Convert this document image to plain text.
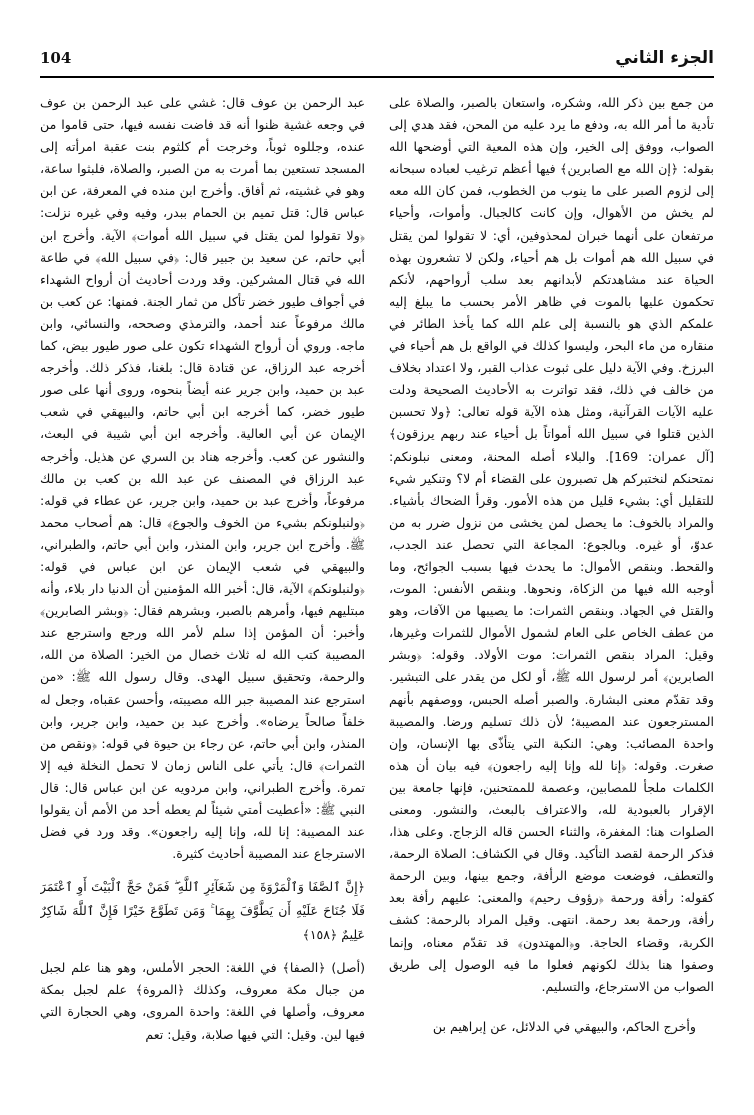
الجزء الثاني
104

من جمع بين ذكر الله، وشكره، واستعان بالصبر، والصلاة على تأدية ما أمر الله به، ودفع ما يرد عليه من المحن، فقد هدي إلى الصواب، ووفق إلى الخير، وإن هذه المعية التي أوضحها الله بقوله: ﴿إن الله مع الصابرين﴾ فيها أعظم ترغيب لعباده سبحانه إلى لزوم الصبر على ما ينوب من الخطوب، فمن كان الله معه لم يخش من الأهوال، وإن كانت كالجبال. وأموات، وأحياء مرتفعان على أنهما خبران لمحذوفين، أي: لا تقولوا لمن يقتل في سبيل الله هم أموات بل هم أحياء، ولكن لا تشعرون بهذه الحياة عند مشاهدتكم لأبدانهم بعد سلب أرواحهم، لأنكم تحكمون عليها بالموت في ظاهر الأمر بحسب ما يبلغ إليه علمكم الذي هو بالنسبة إلى علم الله كما يأخذ الطائر في منقاره من ماء البحر، وليسوا كذلك في الواقع بل هم أحياء في البرزخ. وفي الآية دليل على ثبوت عذاب القبر، ولا اعتداد بخلاف من خالف في ذلك، فقد تواترت به الأحاديث الصحيحة ودلت عليه الآيات القرآنية، ومثل هذه الآية قوله تعالى: ﴿ولا تحسبن الذين قتلوا في سبيل الله أمواتاً بل أحياء عند ربهم يرزقون﴾ [آل عمران: 169]. والبلاء أصله المحنة، ومعنى نبلونكم: نمتحنكم لنختبركم هل تصبرون على القضاء أم لا؟ وتنكير شيء للتقليل أي: بشيء قليل من هذه الأمور. وقرأ الضحاك بأشياء. والمراد بالخوف: ما يحصل لمن يخشى من نزول ضرر به من عدوّ، أو غيره. وبالجوع: المجاعة التي تحصل عند الجدب، والقحط. وبنقص الأموال: ما يحدث فيها بسبب الجوائح، وما أوجبه الله فيها من الزكاة، ونحوها. وبنقص الأنفس: الموت، والقتل في الجهاد. وبنقص الثمرات: ما يصيبها من الآفات، وهو من عطف الخاص على العام لشمول الأموال للثمرات وغيرها، وقيل: المراد بنقص الثمرات: موت الأولاد. وقوله: ﴿وبشر الصابرين﴾ أمر لرسول الله ﷺ، أو لكل من يقدر على التبشير. وقد تقدّم معنى البشارة. والصبر أصله الحبس، ووصفهم بأنهم المسترجعون عند المصيبة؛ لأن ذلك تسليم ورضا. والمصيبة واحدة المصائب: وهي: النكبة التي يتأذّى بها الإنسان، وإن صغرت. وقوله: ﴿إنا لله وإنا إليه راجعون﴾ فيه بيان أن هذه الكلمات ملجأ للمصابين، وعصمة للممتحنين، فإنها جامعة بين الإقرار بالعبودية لله، والاعتراف بالبعث، والنشور. ومعنى الصلوات هنا: المغفرة، والثناء الحسن قاله الزجاج. وعلى هذا، فذكر الرحمة لقصد التأكيد. وقال في الكشاف: الصلاة الرحمة، والتعطف، فوضعت موضع الرأفة، وجمع بينها، وبين الرحمة كقوله: رأفة ورحمة ﴿رؤوف رحيم﴾ والمعنى: عليهم رأفة بعد رأفة، ورحمة بعد رحمة. انتهى. وقيل المراد بالرحمة: كشف الكربة، وقضاء الحاجة. و﴿المهتدون﴾ قد تقدّم معناه، وإنما وصفوا هنا بذلك لكونهم فعلوا ما فيه الوصول إلى طريق الصواب من الاسترجاع، والتسليم.

وأخرج الحاكم، والبيهقي في الدلائل، عن إبراهيم بن

عبد الرحمن بن عوف قال: غشي على عبد الرحمن بن عوف في وجعه غشية ظنوا أنه قد فاضت نفسه فيها، حتى قاموا من عنده، وجللوه ثوباً، وخرجت أم كلثوم بنت عقبة امرأته إلى المسجد تستعين بما أمرت به من الصبر، والصلاة، فلبثوا ساعة، وهو في غشيته، ثم أفاق. وأخرج ابن منده في المعرفة، عن ابن عباس قال: قتل تميم بن الحمام ببدر، وفيه وفي غيره نزلت: ﴿ولا تقولوا لمن يقتل في سبيل الله أموات﴾ الآية. وأخرج ابن أبي حاتم، عن سعيد بن جبير قال: ﴿في سبيل الله﴾ في طاعة الله في قتال المشركين. وقد وردت أحاديث أن أرواح الشهداء في أجواف طيور خضر تأكل من ثمار الجنة. فمنها: عن كعب بن مالك مرفوعاً عند أحمد، والترمذي وصححه، والنسائي، وابن ماجه. وروي أن أرواح الشهداء تكون على صور طيور بيض، كما أخرجه عبد الرزاق، عن قتادة قال: بلغنا، فذكر ذلك. وأخرجه عبد بن حميد، وابن جرير عنه أيضاً بنحوه، وروى أنها على صور طيور خضر، كما أخرجه ابن أبي حاتم، والبيهقي في شعب الإيمان عن أبي العالية. وأخرجه ابن أبي شيبة في البعث، والنشور عن كعب. وأخرجه هناد بن السري عن هذيل. وأخرجه عبد الرزاق في المصنف عن عبد الله بن كعب بن مالك مرفوعاً، وأخرج عبد بن حميد، وابن جرير، عن عطاء في قوله: ﴿ولنبلونكم بشيء من الخوف والجوع﴾ قال: هم أصحاب محمد ﷺ. وأخرج ابن جرير، وابن المنذر، وابن أبي حاتم، والطبراني، والبيهقي في شعب الإيمان عن ابن عباس في قوله: ﴿ولنبلونكم﴾ الآية، قال: أخبر الله المؤمنين أن الدنيا دار بلاء، وأنه مبتليهم فيها، وأمرهم بالصبر، وبشرهم فقال: ﴿وبشر الصابرين﴾ وأخبر: أن المؤمن إذا سلم لأمر الله ورجع واسترجع عند المصيبة كتب الله له ثلاث خصال من الخير: الصلاة من الله، والرحمة، وتحقيق سبيل الهدى. وقال رسول الله ﷺ: «من استرجع عند المصيبة جبر الله مصيبته، وأحسن عقباه، وجعل له خلفاً صالحاً يرضاه». وأخرج عبد بن حميد، وابن جرير، وابن المنذر، وابن أبي حاتم، عن رجاء بن حيوة في قوله: ﴿ونقص من الثمرات﴾ قال: يأتي على الناس زمان لا تحمل النخلة فيه إلا تمرة. وأخرج الطبراني، وابن مردويه عن ابن عباس قال: قال النبي ﷺ: «أعطيت أمتي شيئاً لم يعطه أحد من الأمم أن يقولوا عند المصيبة: إنا لله، وإنا إليه راجعون». وقد ورد في فضل الاسترجاع عند المصيبة أحاديث كثيرة.

﴿إِنَّ ٱلصَّفَا وَٱلْمَرْوَةَ مِن شَعَآئِرِ ٱللَّهِ ۖ فَمَنْ حَجَّ ٱلْبَيْتَ أَوِ ٱعْتَمَرَ فَلَا جُنَاحَ عَلَيْهِ أَن يَطَّوَّفَ بِهِمَا ۚ وَمَن تَطَوَّعَ خَيْرًا فَإِنَّ ٱللَّهَ شَاكِرٌ عَلِيمٌ ﴿١٥٨﴾

(أصل) ﴿الصفا﴾ في اللغة: الحجر الأملس، وهو هنا علم لجبل من جبال مكة معروف، وكذلك ﴿المروة﴾ علم لجبل بمكة معروف، وأصلها في اللغة: واحدة المروى، وهي الحجارة التي فيها لين. وقيل: التي فيها صلابة، وقيل: تعم
